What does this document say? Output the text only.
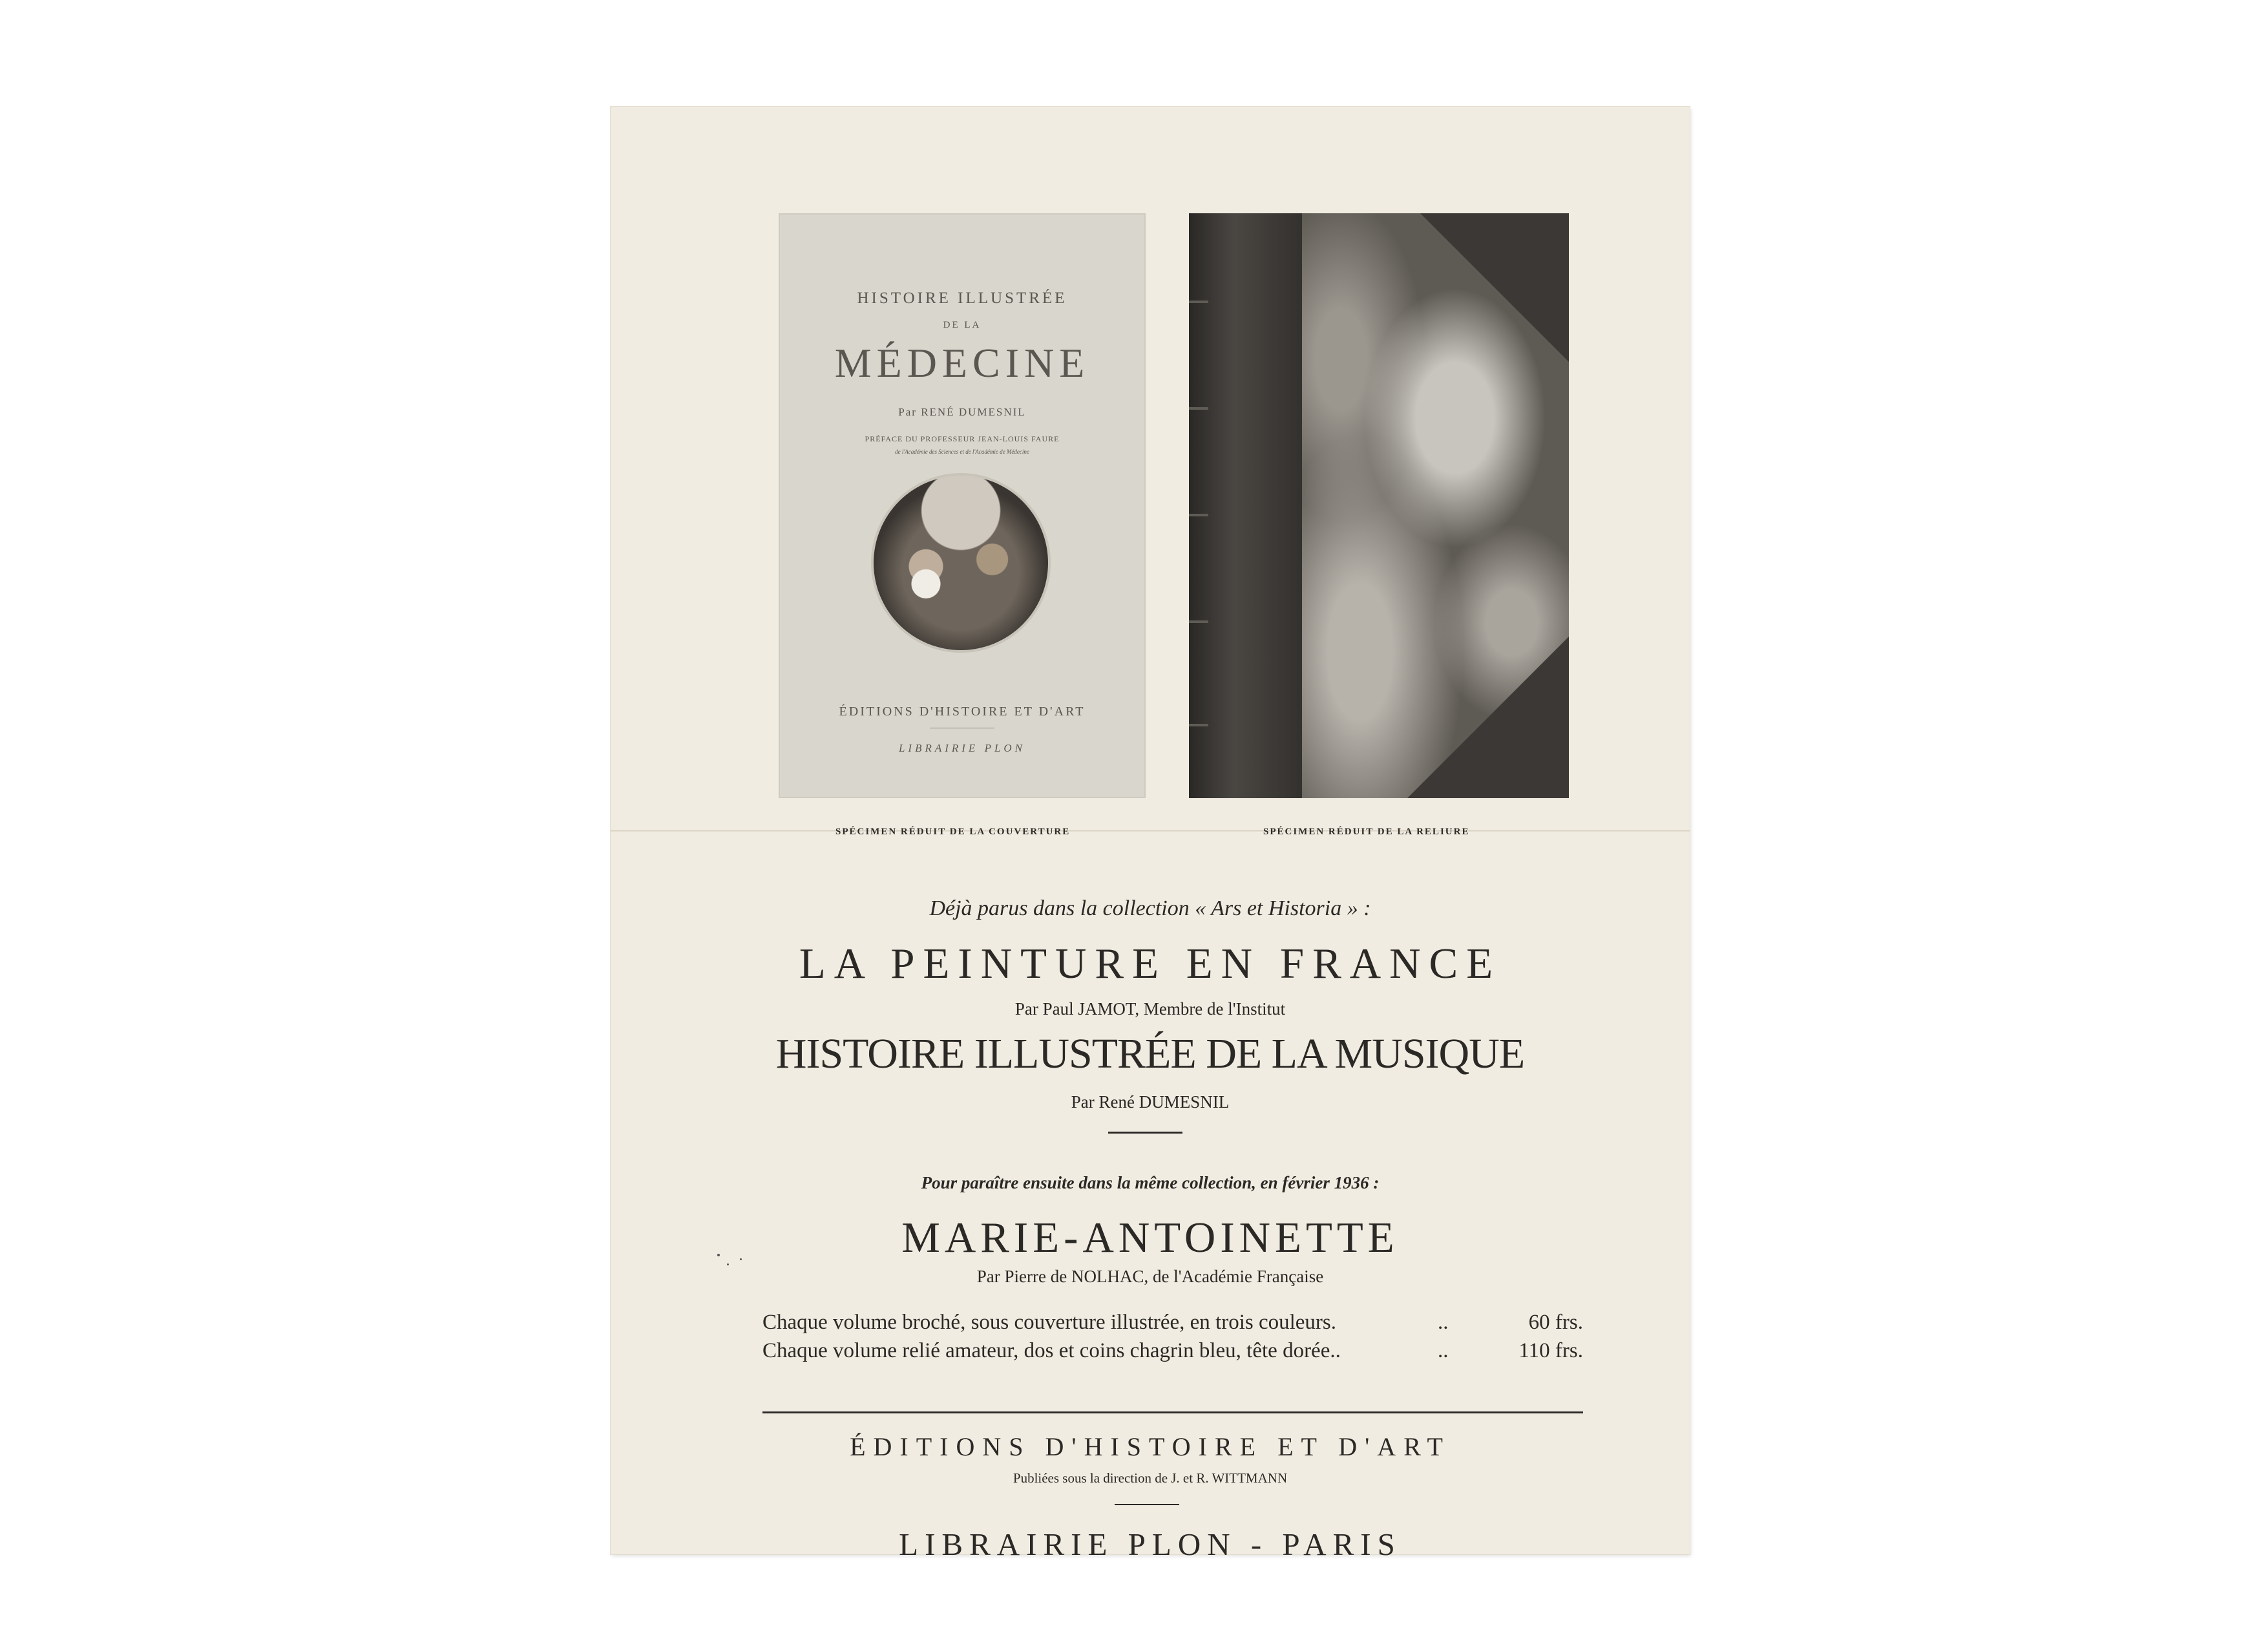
HISTOIRE ILLUSTRÉE
DE LA
MÉDECINE
Par RENÉ DUMESNIL
PRÉFACE DU PROFESSEUR JEAN-LOUIS FAURE
de l'Académie des Sciences et de l'Académie de Médecine
ÉDITIONS D'HISTOIRE ET D'ART
LIBRAIRIE PLON
SPÉCIMEN RÉDUIT DE LA COUVERTURE	SPÉCIMEN RÉDUIT DE LA RELIURE
Déjà parus dans la collection « Ars et Historia » :
LA PEINTURE EN FRANCE
Par Paul JAMOT, Membre de l'Institut
HISTOIRE ILLUSTRÉE DE LA MUSIQUE
Par René DUMESNIL
Pour paraître ensuite dans la même collection, en février 1936 :
MARIE-ANTOINETTE
Par Pierre de NOLHAC, de l'Académie Française
Chaque volume broché, sous couverture illustrée, en trois couleurs.	..	60 frs.
Chaque volume relié amateur, dos et coins chagrin bleu, tête dorée..	..	110 frs.
ÉDITIONS D'HISTOIRE ET D'ART
Publiées sous la direction de J. et R. WITTMANN
LIBRAIRIE PLON - PARIS
